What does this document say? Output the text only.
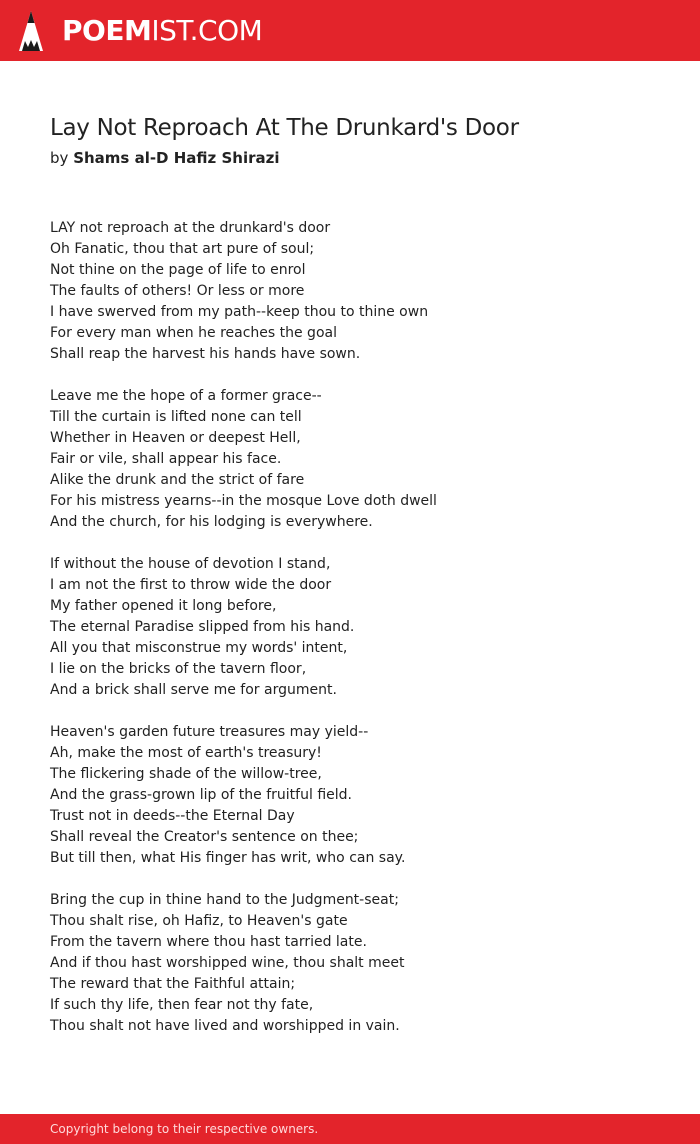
POEMIST.COM
Lay Not Reproach At The Drunkard's Door
by Shams al-D Hafiz Shirazi
LAY not reproach at the drunkard's door
Oh Fanatic, thou that art pure of soul;
Not thine on the page of life to enrol
The faults of others! Or less or more
I have swerved from my path--keep thou to thine own
For every man when he reaches the goal
Shall reap the harvest his hands have sown.
Leave me the hope of a former grace--
Till the curtain is lifted none can tell
Whether in Heaven or deepest Hell,
Fair or vile, shall appear his face.
Alike the drunk and the strict of fare
For his mistress yearns--in the mosque Love doth dwell
And the church, for his lodging is everywhere.
If without the house of devotion I stand,
I am not the first to throw wide the door
My father opened it long before,
The eternal Paradise slipped from his hand.
All you that misconstrue my words' intent,
I lie on the bricks of the tavern floor,
And a brick shall serve me for argument.
Heaven's garden future treasures may yield--
Ah, make the most of earth's treasury!
The flickering shade of the willow-tree,
And the grass-grown lip of the fruitful field.
Trust not in deeds--the Eternal Day
Shall reveal the Creator's sentence on thee;
But till then, what His finger has writ, who can say.
Bring the cup in thine hand to the Judgment-seat;
Thou shalt rise, oh Hafiz, to Heaven's gate
From the tavern where thou hast tarried late.
And if thou hast worshipped wine, thou shalt meet
The reward that the Faithful attain;
If such thy life, then fear not thy fate,
Thou shalt not have lived and worshipped in vain.
Copyright belong to their respective owners.
